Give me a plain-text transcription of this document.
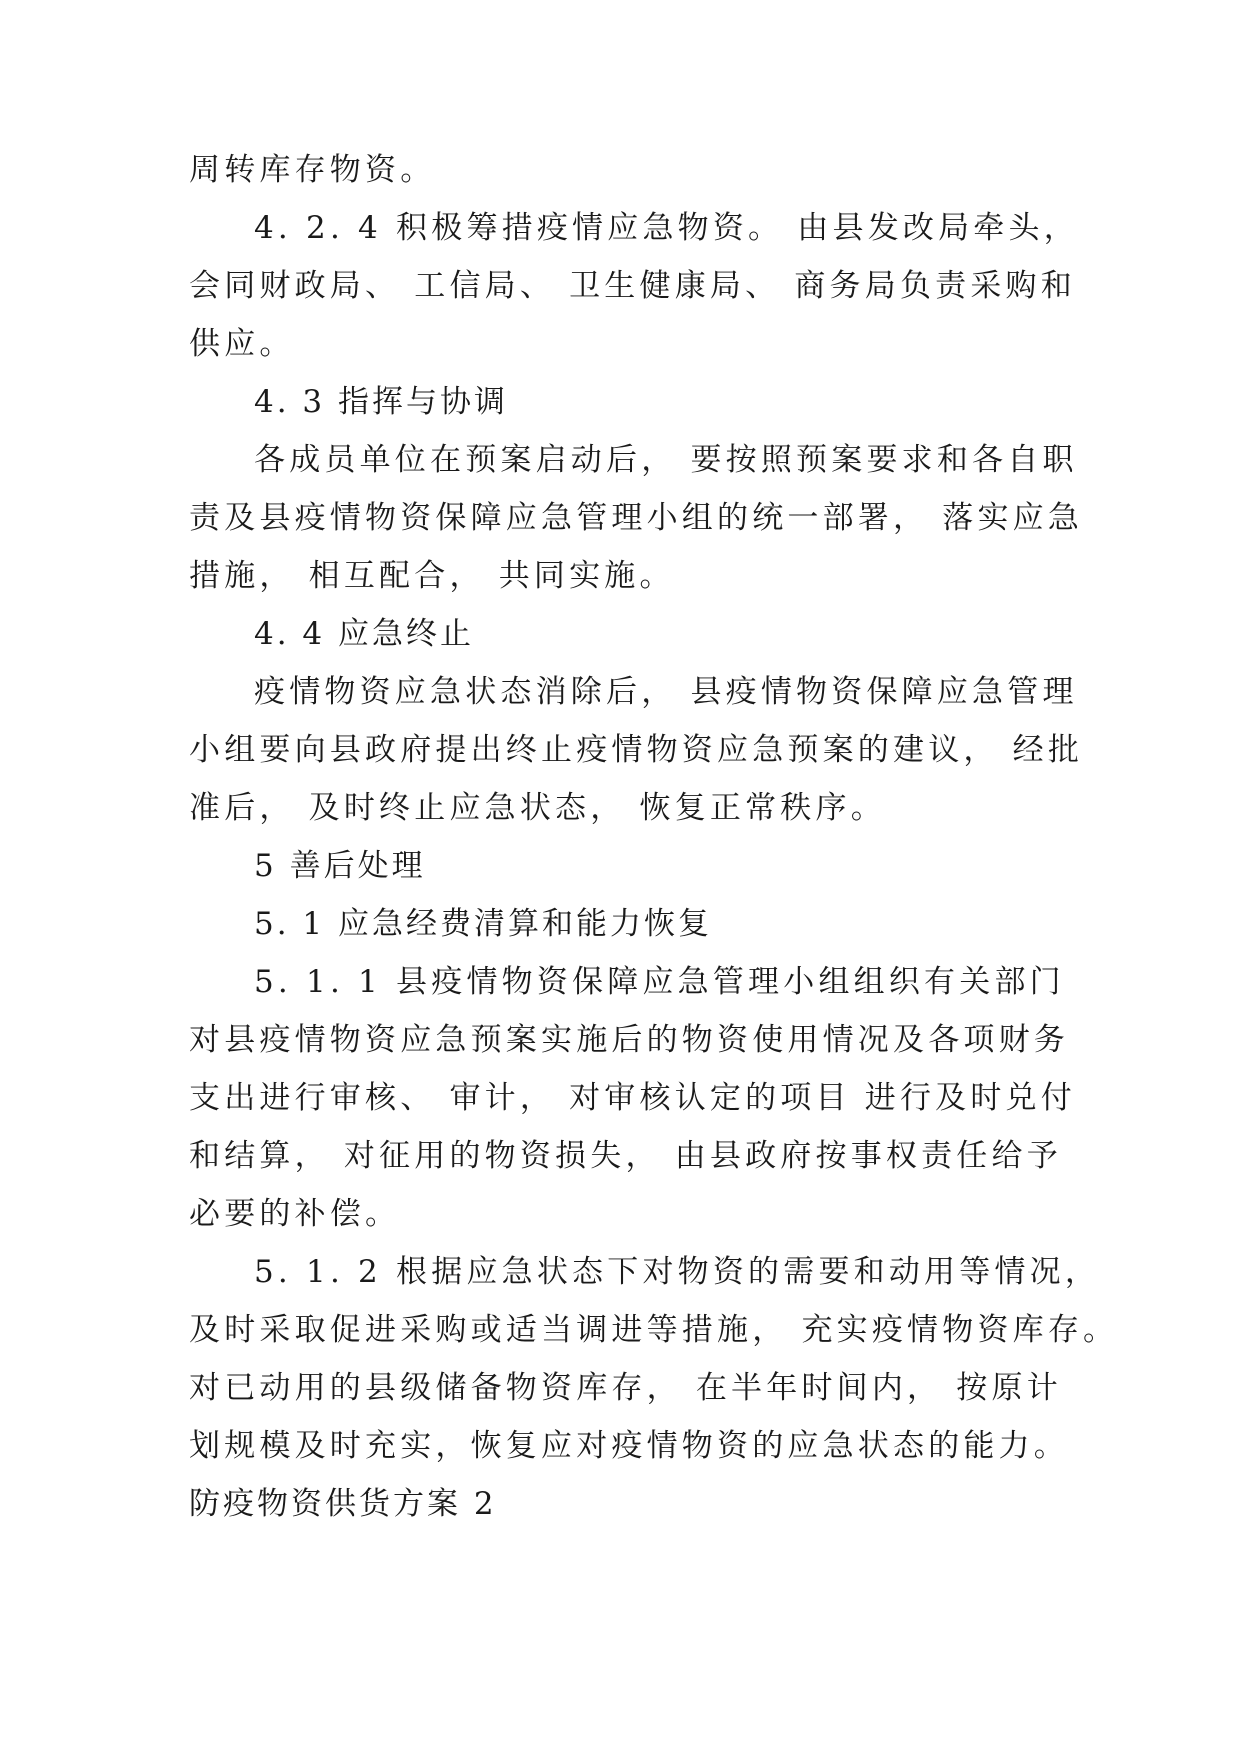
周转库存物资。
4. 2. 4 积极筹措疫情应急物资。 由县发改局牵头，
会同财政局、 工信局、 卫生健康局、 商务局负责采购和
供应。
4. 3 指挥与协调
各成员单位在预案启动后， 要按照预案要求和各自职
责及县疫情物资保障应急管理小组的统一部署， 落实应急
措施， 相互配合， 共同实施。
4. 4 应急终止
疫情物资应急状态消除后， 县疫情物资保障应急管理
小组要向县政府提出终止疫情物资应急预案的建议， 经批
准后， 及时终止应急状态， 恢复正常秩序。
5 善后处理
5. 1 应急经费清算和能力恢复
5. 1. 1 县疫情物资保障应急管理小组组织有关部门
对县疫情物资应急预案实施后的物资使用情况及各项财务
支出进行审核、 审计， 对审核认定的项目 进行及时兑付
和结算， 对征用的物资损失， 由县政府按事权责任给予
必要的补偿。
5. 1. 2 根据应急状态下对物资的需要和动用等情况，
及时采取促进采购或适当调进等措施， 充实疫情物资库存。
对已动用的县级储备物资库存， 在半年时间内， 按原计
划规模及时充实，恢复应对疫情物资的应急状态的能力。
防疫物资供货方案 2
